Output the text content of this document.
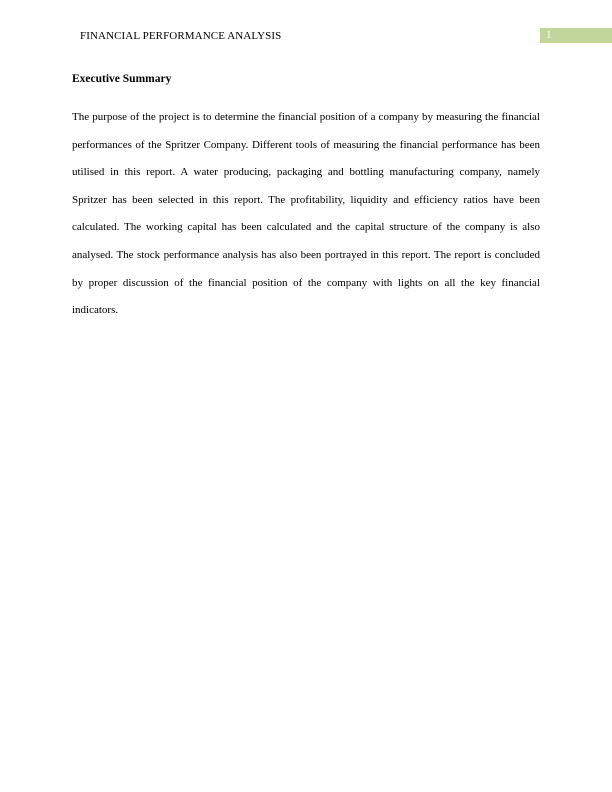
FINANCIAL PERFORMANCE ANALYSIS	1
Executive Summary

The purpose of the project is to determine the financial position of a company by measuring the financial performances of the Spritzer Company. Different tools of measuring the financial performance has been utilised in this report. A water producing, packaging and bottling manufacturing company, namely Spritzer has been selected in this report. The profitability, liquidity and efficiency ratios have been calculated. The working capital has been calculated and the capital structure of the company is also analysed. The stock performance analysis has also been portrayed in this report. The report is concluded by proper discussion of the financial position of the company with lights on all the key financial indicators.
